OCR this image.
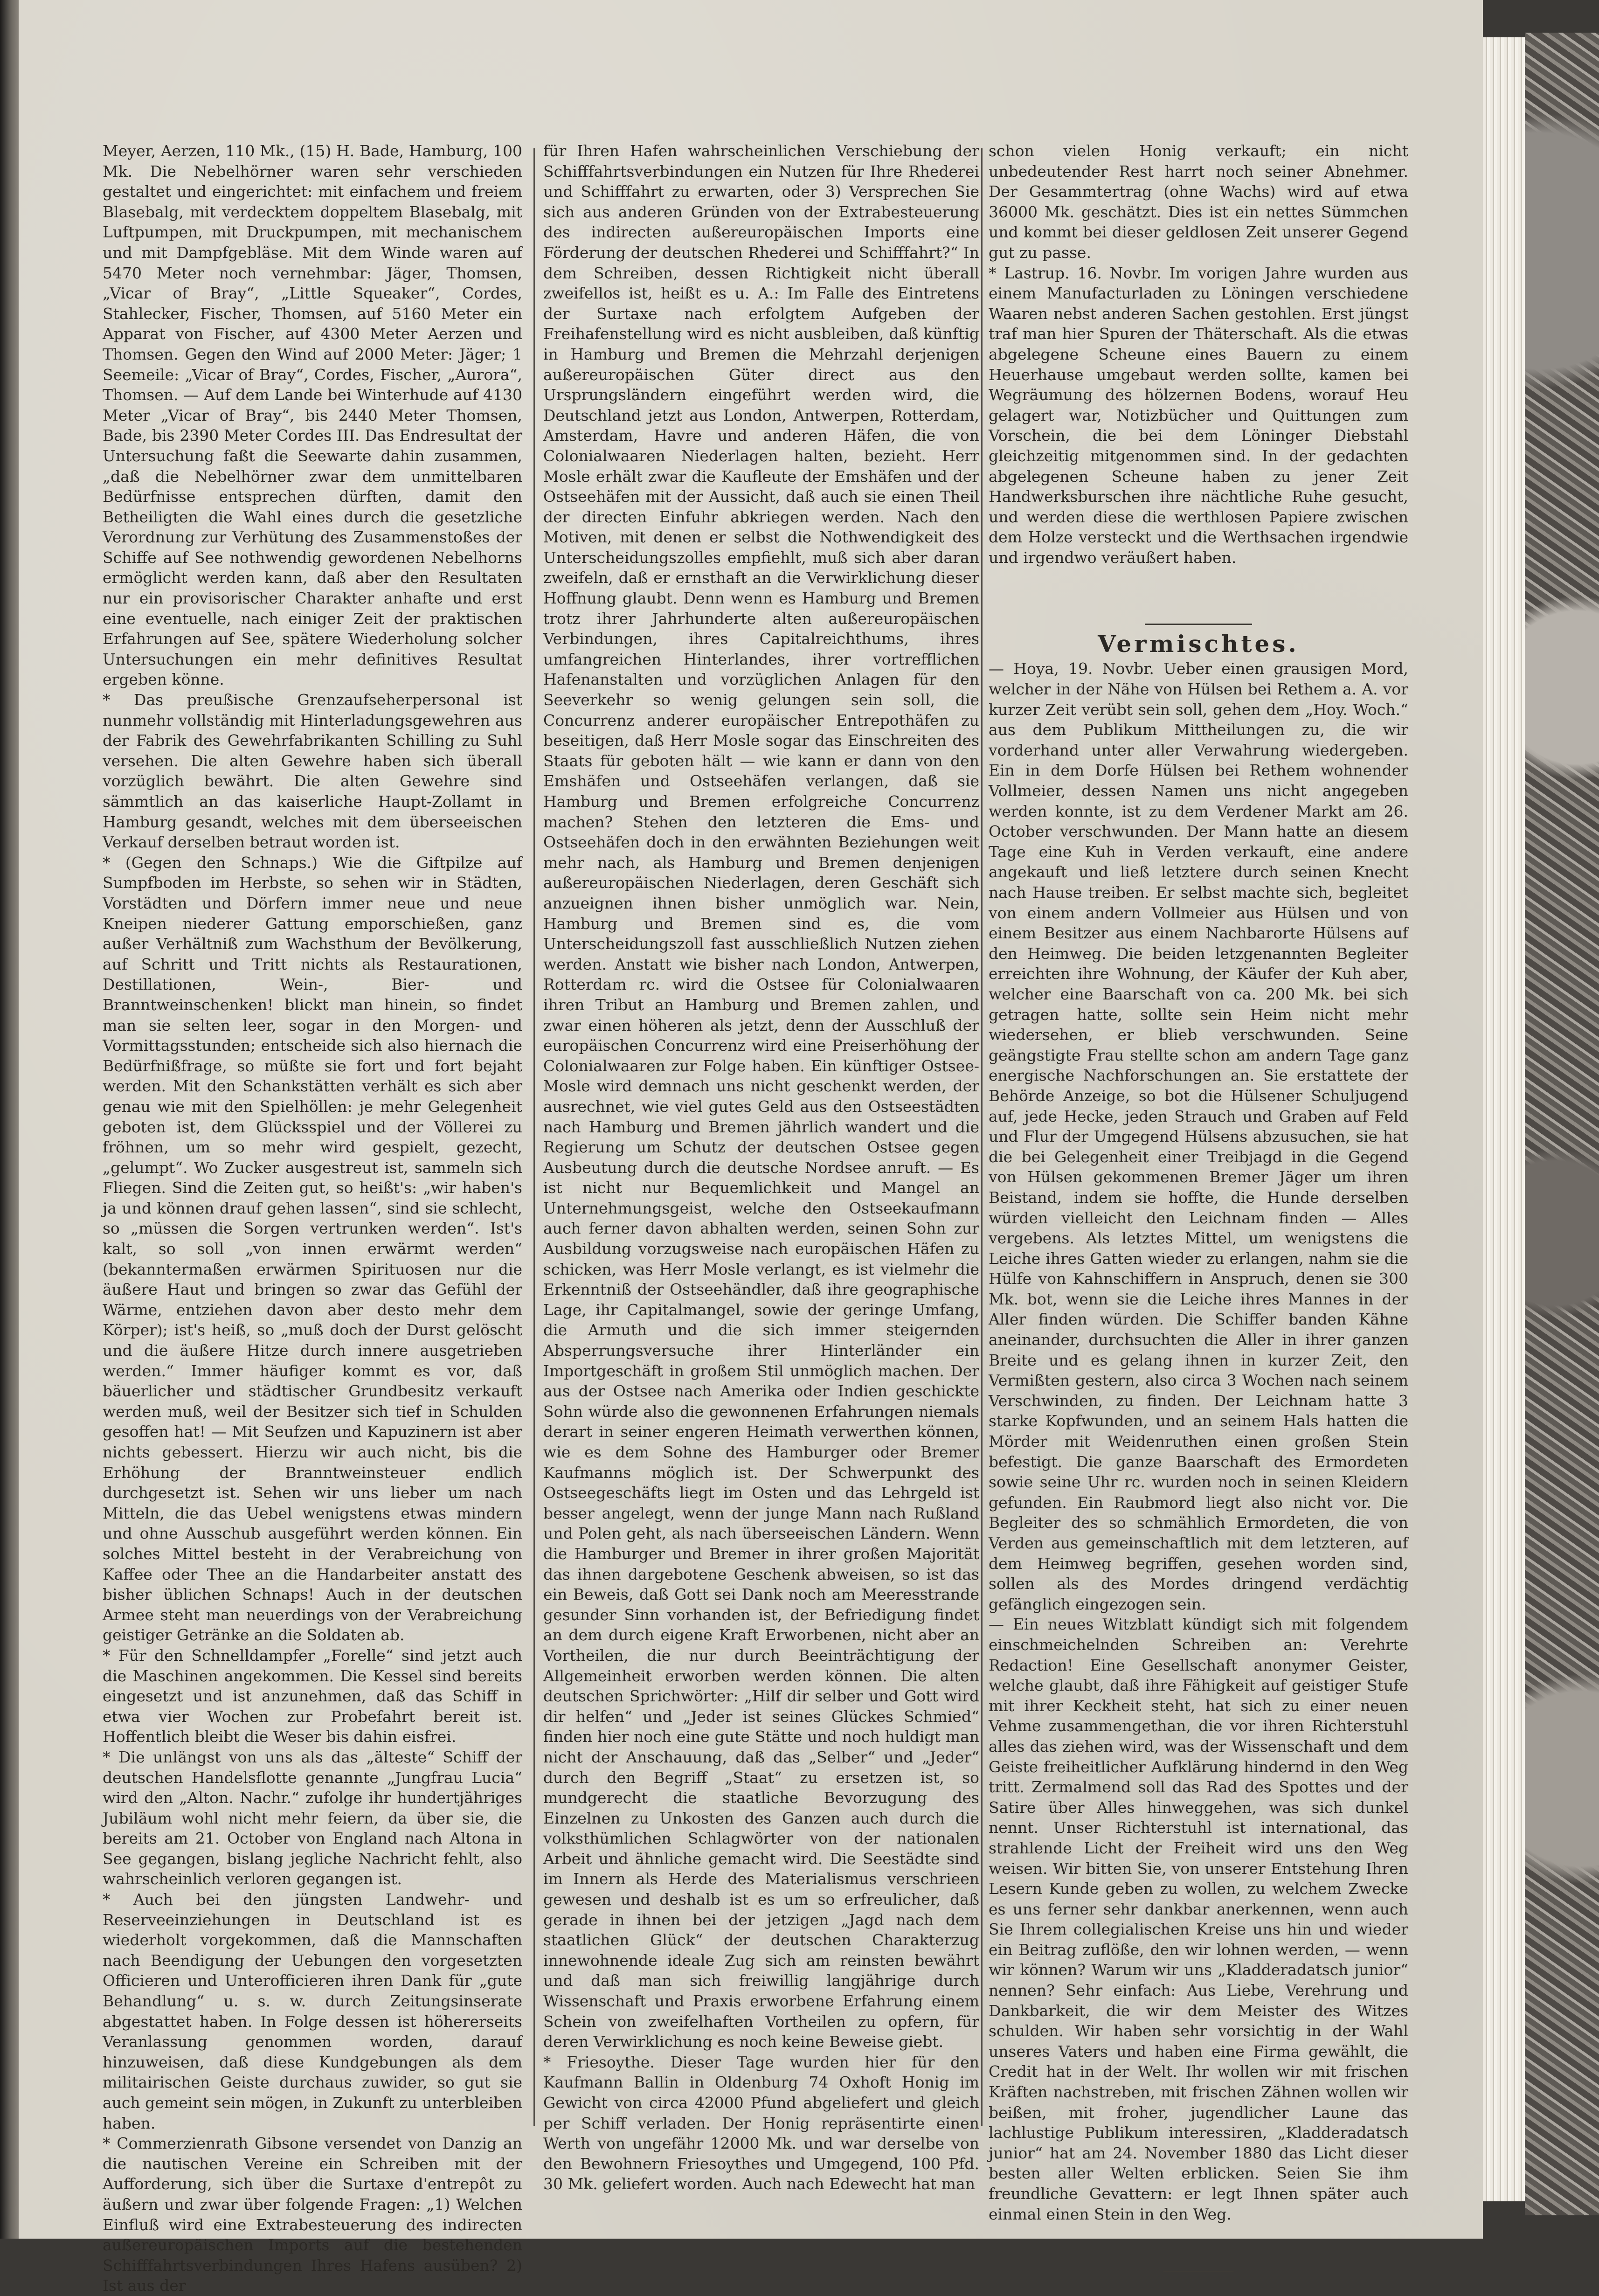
Meyer, Aerzen, 110 Mk., (15) H. Bade, Hamburg, 100 Mk. Die Nebelhörner waren sehr verschieden gestaltet und eingerichtet: mit einfachem und freiem Blasebalg, mit verdecktem doppeltem Blasebalg, mit Luftpumpen, mit Druckpumpen, mit mechanischem und mit Dampfgebläse. Mit dem Winde waren auf 5470 Meter noch vernehmbar: Jäger, Thomsen, „Vicar of Bray“, „Little Squeaker“, Cordes, Stahlecker, Fischer, Thomsen, auf 5160 Meter ein Apparat von Fischer, auf 4300 Meter Aerzen und Thomsen. Gegen den Wind auf 2000 Meter: Jäger; 1 Seemeile: „Vicar of Bray“, Cordes, Fischer, „Aurora“, Thomsen. — Auf dem Lande bei Winterhude auf 4130 Meter „Vicar of Bray“, bis 2440 Meter Thomsen, Bade, bis 2390 Meter Cordes III. Das Endresultat der Untersuchung faßt die Seewarte dahin zusammen, „daß die Nebelhörner zwar dem unmittelbaren Bedürfnisse entsprechen dürften, damit den Betheiligten die Wahl eines durch die gesetzliche Verordnung zur Verhütung des Zusammenstoßes der Schiffe auf See nothwendig gewordenen Nebelhorns ermöglicht werden kann, daß aber den Resultaten nur ein provisorischer Charakter anhafte und erst eine eventuelle, nach einiger Zeit der praktischen Erfahrungen auf See, spätere Wiederholung solcher Untersuchungen ein mehr definitives Resultat ergeben könne.

* Das preußische Grenzaufseherpersonal ist nunmehr vollständig mit Hinterladungsgewehren aus der Fabrik des Gewehrfabrikanten Schilling zu Suhl versehen. Die alten Gewehre haben sich überall vorzüglich bewährt. Die alten Gewehre sind sämmtlich an das kaiserliche Haupt-Zollamt in Hamburg gesandt, welches mit dem überseeischen Verkauf derselben betraut worden ist.

* (Gegen den Schnaps.) Wie die Giftpilze auf Sumpfboden im Herbste, so sehen wir in Städten, Vorstädten und Dörfern immer neue und neue Kneipen niederer Gattung emporschießen, ganz außer Verhältniß zum Wachsthum der Bevölkerung, auf Schritt und Tritt nichts als Restaurationen, Destillationen, Wein-, Bier- und Branntweinschenken! blickt man hinein, so findet man sie selten leer, sogar in den Morgen- und Vormittagsstunden; entscheide sich also hiernach die Bedürfnißfrage, so müßte sie fort und fort bejaht werden. Mit den Schankstätten verhält es sich aber genau wie mit den Spielhöllen: je mehr Gelegenheit geboten ist, dem Glücksspiel und der Völlerei zu fröhnen, um so mehr wird gespielt, gezecht, „gelumpt“. Wo Zucker ausgestreut ist, sammeln sich Fliegen. Sind die Zeiten gut, so heißt's: „wir haben's ja und können drauf gehen lassen“, sind sie schlecht, so „müssen die Sorgen vertrunken werden“. Ist's kalt, so soll „von innen erwärmt werden“ (bekanntermaßen erwärmen Spirituosen nur die äußere Haut und bringen so zwar das Gefühl der Wärme, entziehen davon aber desto mehr dem Körper); ist's heiß, so „muß doch der Durst gelöscht und die äußere Hitze durch innere ausgetrieben werden.“ Immer häufiger kommt es vor, daß bäuerlicher und städtischer Grundbesitz verkauft werden muß, weil der Besitzer sich tief in Schulden gesoffen hat! — Mit Seufzen und Kapuzinern ist aber nichts gebessert. Hierzu wir auch nicht, bis die Erhöhung der Branntweinsteuer endlich durchgesetzt ist. Sehen wir uns lieber um nach Mitteln, die das Uebel wenigstens etwas mindern und ohne Ausschub ausgeführt werden können. Ein solches Mittel besteht in der Verabreichung von Kaffee oder Thee an die Handarbeiter anstatt des bisher üblichen Schnaps! Auch in der deutschen Armee steht man neuerdings von der Verabreichung geistiger Getränke an die Soldaten ab.

* Für den Schnelldampfer „Forelle“ sind jetzt auch die Maschinen angekommen. Die Kessel sind bereits eingesetzt und ist anzunehmen, daß das Schiff in etwa vier Wochen zur Probefahrt bereit ist. Hoffentlich bleibt die Weser bis dahin eisfrei.

* Die unlängst von uns als das „älteste“ Schiff der deutschen Handelsflotte genannte „Jungfrau Lucia“ wird den „Alton. Nachr.“ zufolge ihr hundertjähriges Jubiläum wohl nicht mehr feiern, da über sie, die bereits am 21. October von England nach Altona in See gegangen, bislang jegliche Nachricht fehlt, also wahrscheinlich verloren gegangen ist.

* Auch bei den jüngsten Landwehr- und Reserveeinziehungen in Deutschland ist es wiederholt vorgekommen, daß die Mannschaften nach Beendigung der Uebungen den vorgesetzten Officieren und Unterofficieren ihren Dank für „gute Behandlung“ u. s. w. durch Zeitungsinserate abgestattet haben. In Folge dessen ist höhererseits Veranlassung genommen worden, darauf hinzuweisen, daß diese Kundgebungen als dem militairischen Geiste durchaus zuwider, so gut sie auch gemeint sein mögen, in Zukunft zu unterbleiben haben.

* Commerzienrath Gibsone versendet von Danzig an die nautischen Vereine ein Schreiben mit der Aufforderung, sich über die Surtaxe d'entrepôt zu äußern und zwar über folgende Fragen: „1) Welchen Einfluß wird eine Extrabesteuerung des indirecten außereuropäischen Imports auf die bestehenden Schifffahrtsverbindungen Ihres Hafens ausüben? 2) Ist aus der

für Ihren Hafen wahrscheinlichen Verschiebung der Schifffahrtsverbindungen ein Nutzen für Ihre Rhederei und Schifffahrt zu erwarten, oder 3) Versprechen Sie sich aus anderen Gründen von der Extrabesteuerung des indirecten außereuropäischen Imports eine Förderung der deutschen Rhederei und Schifffahrt?“ In dem Schreiben, dessen Richtigkeit nicht überall zweifellos ist, heißt es u. A.: Im Falle des Eintretens der Surtaxe nach erfolgtem Aufgeben der Freihafenstellung wird es nicht ausbleiben, daß künftig in Hamburg und Bremen die Mehrzahl derjenigen außereuropäischen Güter direct aus den Ursprungsländern eingeführt werden wird, die Deutschland jetzt aus London, Antwerpen, Rotterdam, Amsterdam, Havre und anderen Häfen, die von Colonialwaaren Niederlagen halten, bezieht. Herr Mosle erhält zwar die Kaufleute der Emshäfen und der Ostseehäfen mit der Aussicht, daß auch sie einen Theil der directen Einfuhr abkriegen werden. Nach den Motiven, mit denen er selbst die Nothwendigkeit des Unterscheidungszolles empfiehlt, muß sich aber daran zweifeln, daß er ernsthaft an die Verwirklichung dieser Hoffnung glaubt. Denn wenn es Hamburg und Bremen trotz ihrer Jahrhunderte alten außereuropäischen Verbindungen, ihres Capitalreichthums, ihres umfangreichen Hinterlandes, ihrer vortrefflichen Hafenanstalten und vorzüglichen Anlagen für den Seeverkehr so wenig gelungen sein soll, die Concurrenz anderer europäischer Entrepothäfen zu beseitigen, daß Herr Mosle sogar das Einschreiten des Staats für geboten hält — wie kann er dann von den Emshäfen und Ostseehäfen verlangen, daß sie Hamburg und Bremen erfolgreiche Concurrenz machen? Stehen den letzteren die Ems- und Ostseehäfen doch in den erwähnten Beziehungen weit mehr nach, als Hamburg und Bremen denjenigen außereuropäischen Niederlagen, deren Geschäft sich anzueignen ihnen bisher unmöglich war. Nein, Hamburg und Bremen sind es, die vom Unterscheidungszoll fast ausschließlich Nutzen ziehen werden. Anstatt wie bisher nach London, Antwerpen, Rotterdam rc. wird die Ostsee für Colonialwaaren ihren Tribut an Hamburg und Bremen zahlen, und zwar einen höheren als jetzt, denn der Ausschluß der europäischen Concurrenz wird eine Preiserhöhung der Colonialwaaren zur Folge haben. Ein künftiger Ostsee-Mosle wird demnach uns nicht geschenkt werden, der ausrechnet, wie viel gutes Geld aus den Ostseestädten nach Hamburg und Bremen jährlich wandert und die Regierung um Schutz der deutschen Ostsee gegen Ausbeutung durch die deutsche Nordsee anruft. — Es ist nicht nur Bequemlichkeit und Mangel an Unternehmungsgeist, welche den Ostseekaufmann auch ferner davon abhalten werden, seinen Sohn zur Ausbildung vorzugsweise nach europäischen Häfen zu schicken, was Herr Mosle verlangt, es ist vielmehr die Erkenntniß der Ostseehändler, daß ihre geographische Lage, ihr Capitalmangel, sowie der geringe Umfang, die Armuth und die sich immer steigernden Absperrungsversuche ihrer Hinterländer ein Importgeschäft in großem Stil unmöglich machen. Der aus der Ostsee nach Amerika oder Indien geschickte Sohn würde also die gewonnenen Erfahrungen niemals derart in seiner engeren Heimath verwerthen können, wie es dem Sohne des Hamburger oder Bremer Kaufmanns möglich ist. Der Schwerpunkt des Ostseegeschäfts liegt im Osten und das Lehrgeld ist besser angelegt, wenn der junge Mann nach Rußland und Polen geht, als nach überseeischen Ländern. Wenn die Hamburger und Bremer in ihrer großen Majorität das ihnen dargebotene Geschenk abweisen, so ist das ein Beweis, daß Gott sei Dank noch am Meeresstrande gesunder Sinn vorhanden ist, der Befriedigung findet an dem durch eigene Kraft Erworbenen, nicht aber an Vortheilen, die nur durch Beeinträchtigung der Allgemeinheit erworben werden können. Die alten deutschen Sprichwörter: „Hilf dir selber und Gott wird dir helfen“ und „Jeder ist seines Glückes Schmied“ finden hier noch eine gute Stätte und noch huldigt man nicht der Anschauung, daß das „Selber“ und „Jeder“ durch den Begriff „Staat“ zu ersetzen ist, so mundgerecht die staatliche Bevorzugung des Einzelnen zu Unkosten des Ganzen auch durch die volksthümlichen Schlagwörter von der nationalen Arbeit und ähnliche gemacht wird. Die Seestädte sind im Innern als Herde des Materialismus verschrieen gewesen und deshalb ist es um so erfreulicher, daß gerade in ihnen bei der jetzigen „Jagd nach dem staatlichen Glück“ der deutschen Charakterzug innewohnende ideale Zug sich am reinsten bewährt und daß man sich freiwillig langjährige durch Wissenschaft und Praxis erworbene Erfahrung einem Schein von zweifelhaften Vortheilen zu opfern, für deren Verwirklichung es noch keine Beweise giebt.

* Friesoythe. Dieser Tage wurden hier für den Kaufmann Ballin in Oldenburg 74 Oxhoft Honig im Gewicht von circa 42000 Pfund abgeliefert und gleich per Schiff verladen. Der Honig repräsentirte einen Werth von ungefähr 12000 Mk. und war derselbe von den Bewohnern Friesoythes und Umgegend, 100 Pfd. 30 Mk. geliefert worden. Auch nach Edewecht hat man

schon vielen Honig verkauft; ein nicht unbedeutender Rest harrt noch seiner Abnehmer. Der Gesammtertrag (ohne Wachs) wird auf etwa 36000 Mk. geschätzt. Dies ist ein nettes Sümmchen und kommt bei dieser geldlosen Zeit unserer Gegend gut zu passe.

* Lastrup. 16. Novbr. Im vorigen Jahre wurden aus einem Manufacturladen zu Löningen verschiedene Waaren nebst anderen Sachen gestohlen. Erst jüngst traf man hier Spuren der Thäterschaft. Als die etwas abgelegene Scheune eines Bauern zu einem Heuerhause umgebaut werden sollte, kamen bei Wegräumung des hölzernen Bodens, worauf Heu gelagert war, Notizbücher und Quittungen zum Vorschein, die bei dem Löninger Diebstahl gleichzeitig mitgenommen sind. In der gedachten abgelegenen Scheune haben zu jener Zeit Handwerksburschen ihre nächtliche Ruhe gesucht, und werden diese die werthlosen Papiere zwischen dem Holze versteckt und die Werthsachen irgendwie und irgendwo veräußert haben.

Vermischtes.

— Hoya, 19. Novbr. Ueber einen grausigen Mord, welcher in der Nähe von Hülsen bei Rethem a. A. vor kurzer Zeit verübt sein soll, gehen dem „Hoy. Woch.“ aus dem Publikum Mittheilungen zu, die wir vorderhand unter aller Verwahrung wiedergeben. Ein in dem Dorfe Hülsen bei Rethem wohnender Vollmeier, dessen Namen uns nicht angegeben werden konnte, ist zu dem Verdener Markt am 26. October verschwunden. Der Mann hatte an diesem Tage eine Kuh in Verden verkauft, eine andere angekauft und ließ letztere durch seinen Knecht nach Hause treiben. Er selbst machte sich, begleitet von einem andern Vollmeier aus Hülsen und von einem Besitzer aus einem Nachbarorte Hülsens auf den Heimweg. Die beiden letzgenannten Begleiter erreichten ihre Wohnung, der Käufer der Kuh aber, welcher eine Baarschaft von ca. 200 Mk. bei sich getragen hatte, sollte sein Heim nicht mehr wiedersehen, er blieb verschwunden. Seine geängstigte Frau stellte schon am andern Tage ganz energische Nachforschungen an. Sie erstattete der Behörde Anzeige, so bot die Hülsener Schuljugend auf, jede Hecke, jeden Strauch und Graben auf Feld und Flur der Umgegend Hülsens abzusuchen, sie hat die bei Gelegenheit einer Treibjagd in die Gegend von Hülsen gekommenen Bremer Jäger um ihren Beistand, indem sie hoffte, die Hunde derselben würden vielleicht den Leichnam finden — Alles vergebens. Als letztes Mittel, um wenigstens die Leiche ihres Gatten wieder zu erlangen, nahm sie die Hülfe von Kahnschiffern in Anspruch, denen sie 300 Mk. bot, wenn sie die Leiche ihres Mannes in der Aller finden würden. Die Schiffer banden Kähne aneinander, durchsuchten die Aller in ihrer ganzen Breite und es gelang ihnen in kurzer Zeit, den Vermißten gestern, also circa 3 Wochen nach seinem Verschwinden, zu finden. Der Leichnam hatte 3 starke Kopfwunden, und an seinem Hals hatten die Mörder mit Weidenruthen einen großen Stein befestigt. Die ganze Baarschaft des Ermordeten sowie seine Uhr rc. wurden noch in seinen Kleidern gefunden. Ein Raubmord liegt also nicht vor. Die Begleiter des so schmählich Ermordeten, die von Verden aus gemeinschaftlich mit dem letzteren, auf dem Heimweg begriffen, gesehen worden sind, sollen als des Mordes dringend verdächtig gefänglich eingezogen sein.

— Ein neues Witzblatt kündigt sich mit folgendem einschmeichelnden Schreiben an: Verehrte Redaction! Eine Gesellschaft anonymer Geister, welche glaubt, daß ihre Fähigkeit auf geistiger Stufe mit ihrer Keckheit steht, hat sich zu einer neuen Vehme zusammengethan, die vor ihren Richterstuhl alles das ziehen wird, was der Wissenschaft und dem Geiste freiheitlicher Aufklärung hindernd in den Weg tritt. Zermalmend soll das Rad des Spottes und der Satire über Alles hinweggehen, was sich dunkel nennt. Unser Richterstuhl ist international, das strahlende Licht der Freiheit wird uns den Weg weisen. Wir bitten Sie, von unserer Entstehung Ihren Lesern Kunde geben zu wollen, zu welchem Zwecke es uns ferner sehr dankbar anerkennen, wenn auch Sie Ihrem collegialischen Kreise uns hin und wieder ein Beitrag zuflöße, den wir lohnen werden, — wenn wir können? Warum wir uns „Kladderadatsch junior“ nennen? Sehr einfach: Aus Liebe, Verehrung und Dankbarkeit, die wir dem Meister des Witzes schulden. Wir haben sehr vorsichtig in der Wahl unseres Vaters und haben eine Firma gewählt, die Credit hat in der Welt. Ihr wollen wir mit frischen Kräften nachstreben, mit frischen Zähnen wollen wir beißen, mit froher, jugendlicher Laune das lachlustige Publikum interessiren, „Kladderadatsch junior“ hat am 24. November 1880 das Licht dieser besten aller Welten erblicken. Seien Sie ihm freundliche Gevattern: er legt Ihnen später auch einmal einen Stein in den Weg.
